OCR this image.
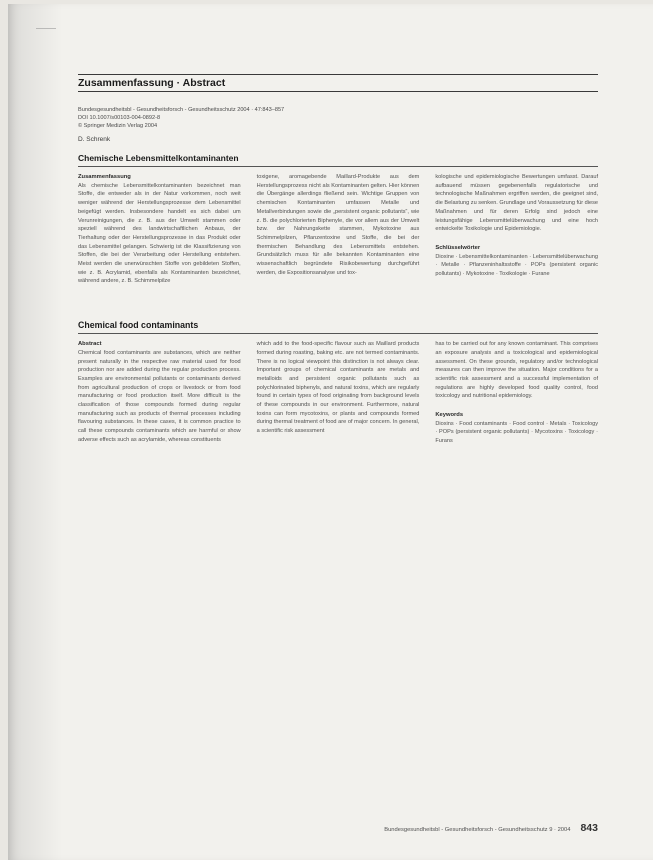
Zusammenfassung · Abstract
Bundesgesundheitsbl - Gesundheitsforsch - Gesundheitsschutz 2004 · 47:843–857
DOI 10.1007/s00103-004-0892-8
© Springer Medizin Verlag 2004
D. Schrenk
Chemische Lebensmittelkontaminanten
Zusammenfassung

Als chemische Lebensmittelkontaminanten bezeichnet man Stoffe, die entweder als in der Natur vorkommen, noch weit weniger während der Herstellungsprozesse dem Lebensmittel beigefügt werden. Insbesondere handelt es sich dabei um Verunreinigungen, die z. B. aus der Umwelt stammen oder speziell während des landwirtschaftlichen Anbaus, der Tierhaltung oder der Herstellungsprozesse in das Produkt oder das Lebensmittel gelangen. Schwierig ist die Klassifizierung von Stoffen, die bei der Verarbeitung oder Herstellung entstehen. Meist werden die unerwünschten Stoffe von gebildeten Stoffen, wie z. B. Acrylamid, ebenfalls als Kontaminanten bezeichnet, während andere, z. B. Schimmelpilze

toxigene, aromagebende Maillard-Produkte aus dem Herstellungsprozess nicht als Kontaminanten gelten. Hier können die Übergänge allerdings fließend sein. Wichtige Gruppen von chemischen Kontaminanten umfassen Metalle und Metallverbindungen sowie die „persistent organic pollutants“, wie z. B. die polychlorierten Biphenyle, die vor allem aus der Umwelt bzw. der Nahrungskette stammen, Mykotoxine aus Schimmelpilzen, Pflanzentoxine und Stoffe, die bei der thermischen Behandlung des Lebensmittels entstehen. Grundsätzlich muss für alle bekannten Kontaminanten eine wissenschaftlich begründete Risikobewertung durchgeführt werden, die Expositionsanalyse und tox-

kologische und epidemiologische Bewertungen umfasst. Darauf aufbauend müssen gegebenenfalls regulatorische und technologische Maßnahmen ergriffen werden, die geeignet sind, die Belastung zu senken. Grundlage und Voraussetzung für diese Maßnahmen und für deren Erfolg sind jedoch eine leistungsfähige Lebensmittelüberwachung und eine hoch entwickelte Toxikologie und Epidemiologie.

Schlüsselwörter

Dioxine · Lebensmittelkontaminanten · Lebensmittelüberwachung · Metalle · Pflanzeninhaltsstoffe · POPs (persistent organic pollutants) · Mykotoxine · Toxikologie · Furane

Chemical food contaminants
Abstract

Chemical food contaminants are substances, which are neither present naturally in the respective raw material used for food production nor are added during the regular production process. Examples are environmental pollutants or contaminants derived from agricultural production of crops or livestock or from food manufacturing or food production itself. More difficult is the classification of those compounds formed during regular manufacturing such as products of thermal processes including flavouring substances. In these cases, it is common practice to call these compounds contaminants which are harmful or show adverse effects such as acrylamide, whereas constituents

which add to the food-specific flavour such as Maillard products formed during roasting, baking etc. are not termed contaminants. There is no logical viewpoint this distinction is not always clear. Important groups of chemical contaminants are metals and metalloids and persistent organic pollutants such as polychlorinated biphenyls, and natural toxins, which are regularly found in certain types of food originating from background levels of these compounds in our environment. Furthermore, natural toxins can form mycotoxins, or plants and compounds formed during thermal treatment of food are of major concern. In general, a scientific risk assessment

has to be carried out for any known contaminant. This comprises an exposure analysis and a toxicological and epidemiological assessment. On these grounds, regulatory and/or technological measures can then improve the situation. Major conditions for a scientific risk assessment and a successful implementation of regulations are highly developed food quality control, food toxicology and nutritional epidemiology.

Keywords

Dioxins · Food contaminants · Food control · Metals · Toxicology · POPs (persistent organic pollutants) · Mycotoxins · Toxicology · Furans

Bundesgesundheitsbl - Gesundheitsforsch - Gesundheitsschutz 9 · 2004 843
